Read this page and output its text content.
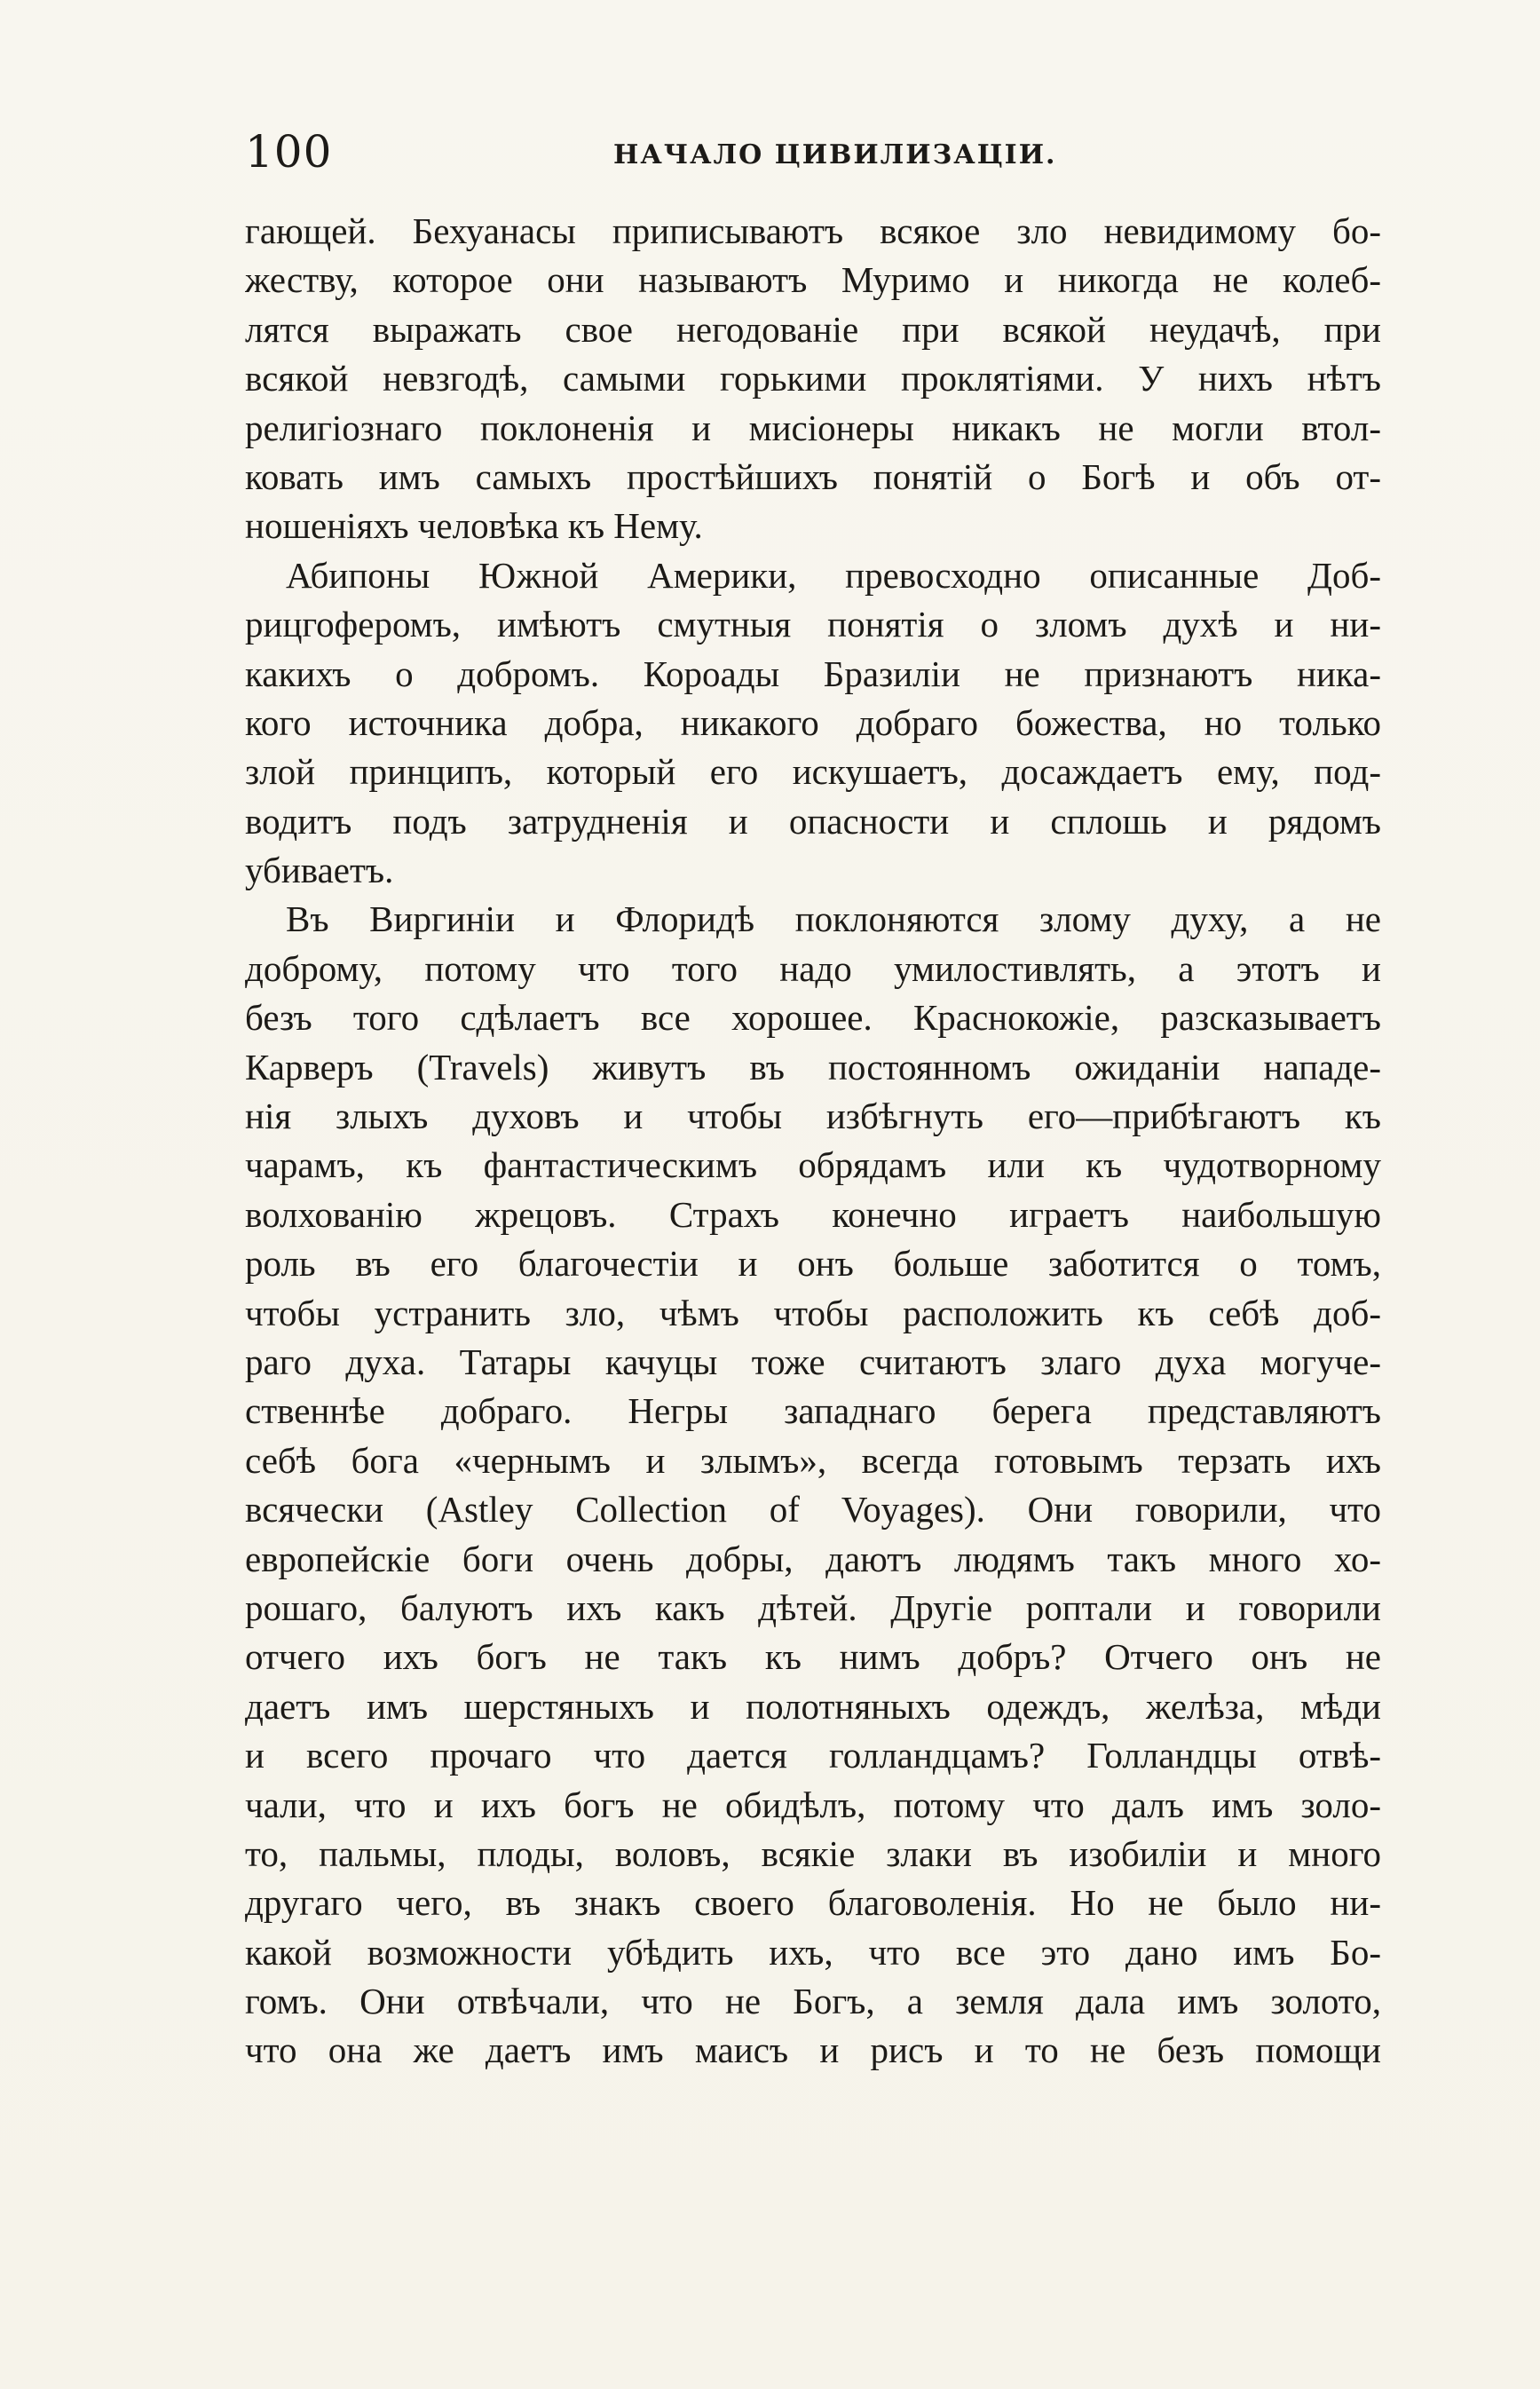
100	НАЧАЛО ЦИВИЛИЗАЦІИ.
гающей. Бехуанасы приписываютъ всякое зло невидимому бо-
жеству, которое они называютъ Муримо и никогда не колеб-
лятся выражать свое негодованіе при всякой неудачѣ, при
всякой невзгодѣ, самыми горькими проклятіями. У нихъ нѣтъ
религіознаго поклоненія и мисіонеры никакъ не могли втол-
ковать имъ самыхъ простѣйшихъ понятій о Богѣ и объ от-
ношеніяхъ человѣка къ Нему.
Абипоны Южной Америки, превосходно описанные Доб-
рицгоферомъ, имѣютъ смутныя понятія о зломъ духѣ и ни-
какихъ о добромъ. Короады Бразиліи не признаютъ ника-
кого источника добра, никакого добраго божества, но только
злой принципъ, который его искушаетъ, досаждаетъ ему, под-
водитъ подъ затрудненія и опасности и сплошь и рядомъ
убиваетъ.
Въ Виргиніи и Флоридѣ поклоняются злому духу, а не
доброму, потому что того надо умилостивлять, а этотъ и
безъ того сдѣлаетъ все хорошее. Краснокожіе, разсказываетъ
Карверъ (Travels) живутъ въ постоянномъ ожиданіи нападе-
нія злыхъ духовъ и чтобы избѣгнуть его—прибѣгаютъ къ
чарамъ, къ фантастическимъ обрядамъ или къ чудотворному
волхованію жрецовъ. Страхъ конечно играетъ наибольшую
роль въ его благочестіи и онъ больше заботится о томъ,
чтобы устранить зло, чѣмъ чтобы расположить къ себѣ доб-
раго духа. Татары качуцы тоже считаютъ злаго духа могуче-
ственнѣе добраго. Негры западнаго берега представляютъ
себѣ бога «чернымъ и злымъ», всегда готовымъ терзать ихъ
всячески (Astley Collection of Voyages). Они говорили, что
европейскіе боги очень добры, даютъ людямъ такъ много хо-
рошаго, балуютъ ихъ какъ дѣтей. Другіе роптали и говорили
отчего ихъ богъ не такъ къ нимъ добръ? Отчего онъ не
даетъ имъ шерстяныхъ и полотняныхъ одеждъ, желѣза, мѣди
и всего прочаго что дается голландцамъ? Голландцы отвѣ-
чали, что и ихъ богъ не обидѣлъ, потому что далъ имъ золо-
то, пальмы, плоды, воловъ, всякіе злаки въ изобиліи и много
другаго чего, въ знакъ своего благоволенія. Но не было ни-
какой возможности убѣдить ихъ, что все это дано имъ Бо-
гомъ. Они отвѣчали, что не Богъ, а земля дала имъ золото,
что она же даетъ имъ маисъ и рисъ и то не безъ помощи
